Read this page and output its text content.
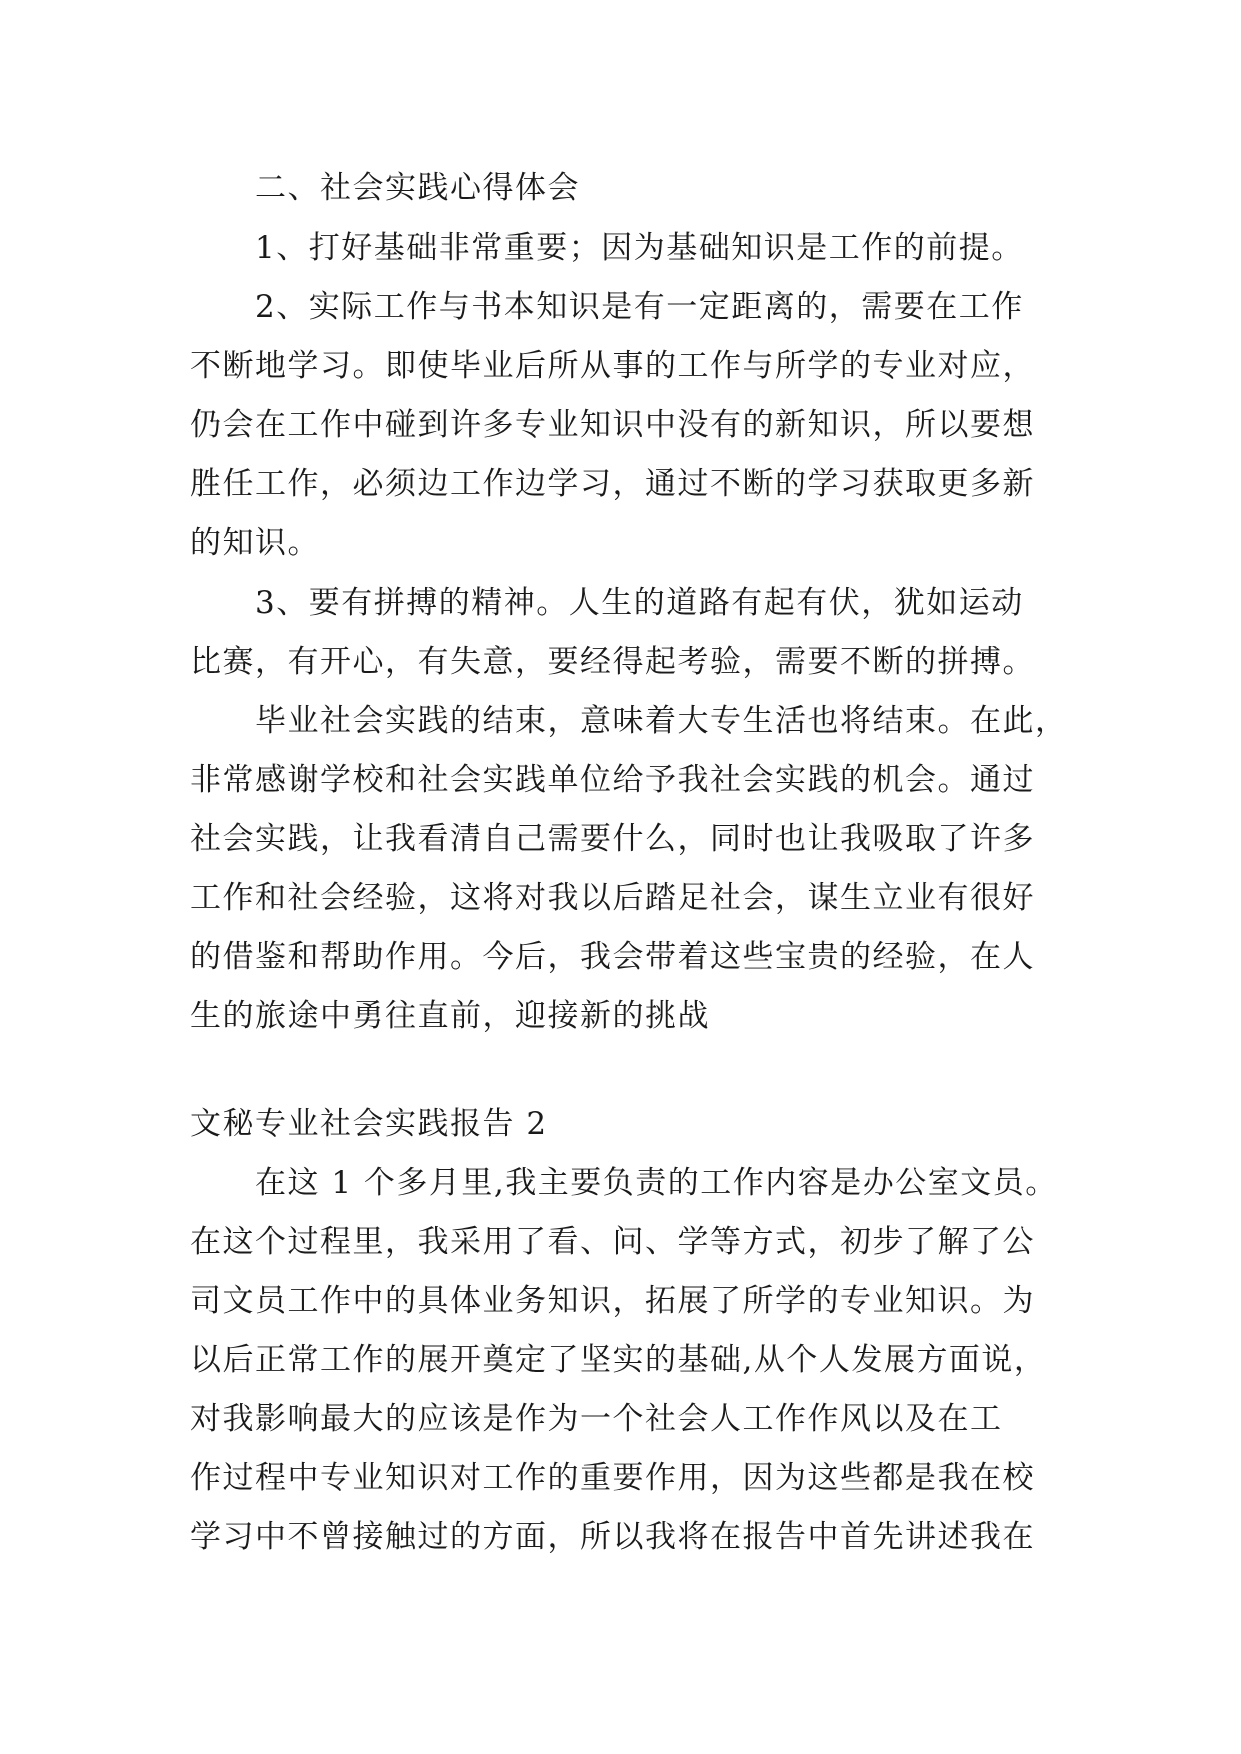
二、社会实践心得体会
1、打好基础非常重要；因为基础知识是工作的前提。
2、实际工作与书本知识是有一定距离的，需要在工作
不断地学习。即使毕业后所从事的工作与所学的专业对应，
仍会在工作中碰到许多专业知识中没有的新知识，所以要想
胜任工作，必须边工作边学习，通过不断的学习获取更多新
的知识。
3、要有拼搏的精神。人生的道路有起有伏，犹如运动
比赛，有开心，有失意，要经得起考验，需要不断的拼搏。
毕业社会实践的结束，意味着大专生活也将结束。在此，
非常感谢学校和社会实践单位给予我社会实践的机会。通过
社会实践，让我看清自己需要什么，同时也让我吸取了许多
工作和社会经验，这将对我以后踏足社会，谋生立业有很好
的借鉴和帮助作用。今后，我会带着这些宝贵的经验，在人
生的旅途中勇往直前，迎接新的挑战
文秘专业社会实践报告 2
在这 1 个多月里,我主要负责的工作内容是办公室文员。
在这个过程里，我采用了看、问、学等方式，初步了解了公
司文员工作中的具体业务知识，拓展了所学的专业知识。为
以后正常工作的展开奠定了坚实的基础,从个人发展方面说，
对我影响最大的应该是作为一个社会人工作作风以及在工
作过程中专业知识对工作的重要作用，因为这些都是我在校
学习中不曾接触过的方面，所以我将在报告中首先讲述我在
